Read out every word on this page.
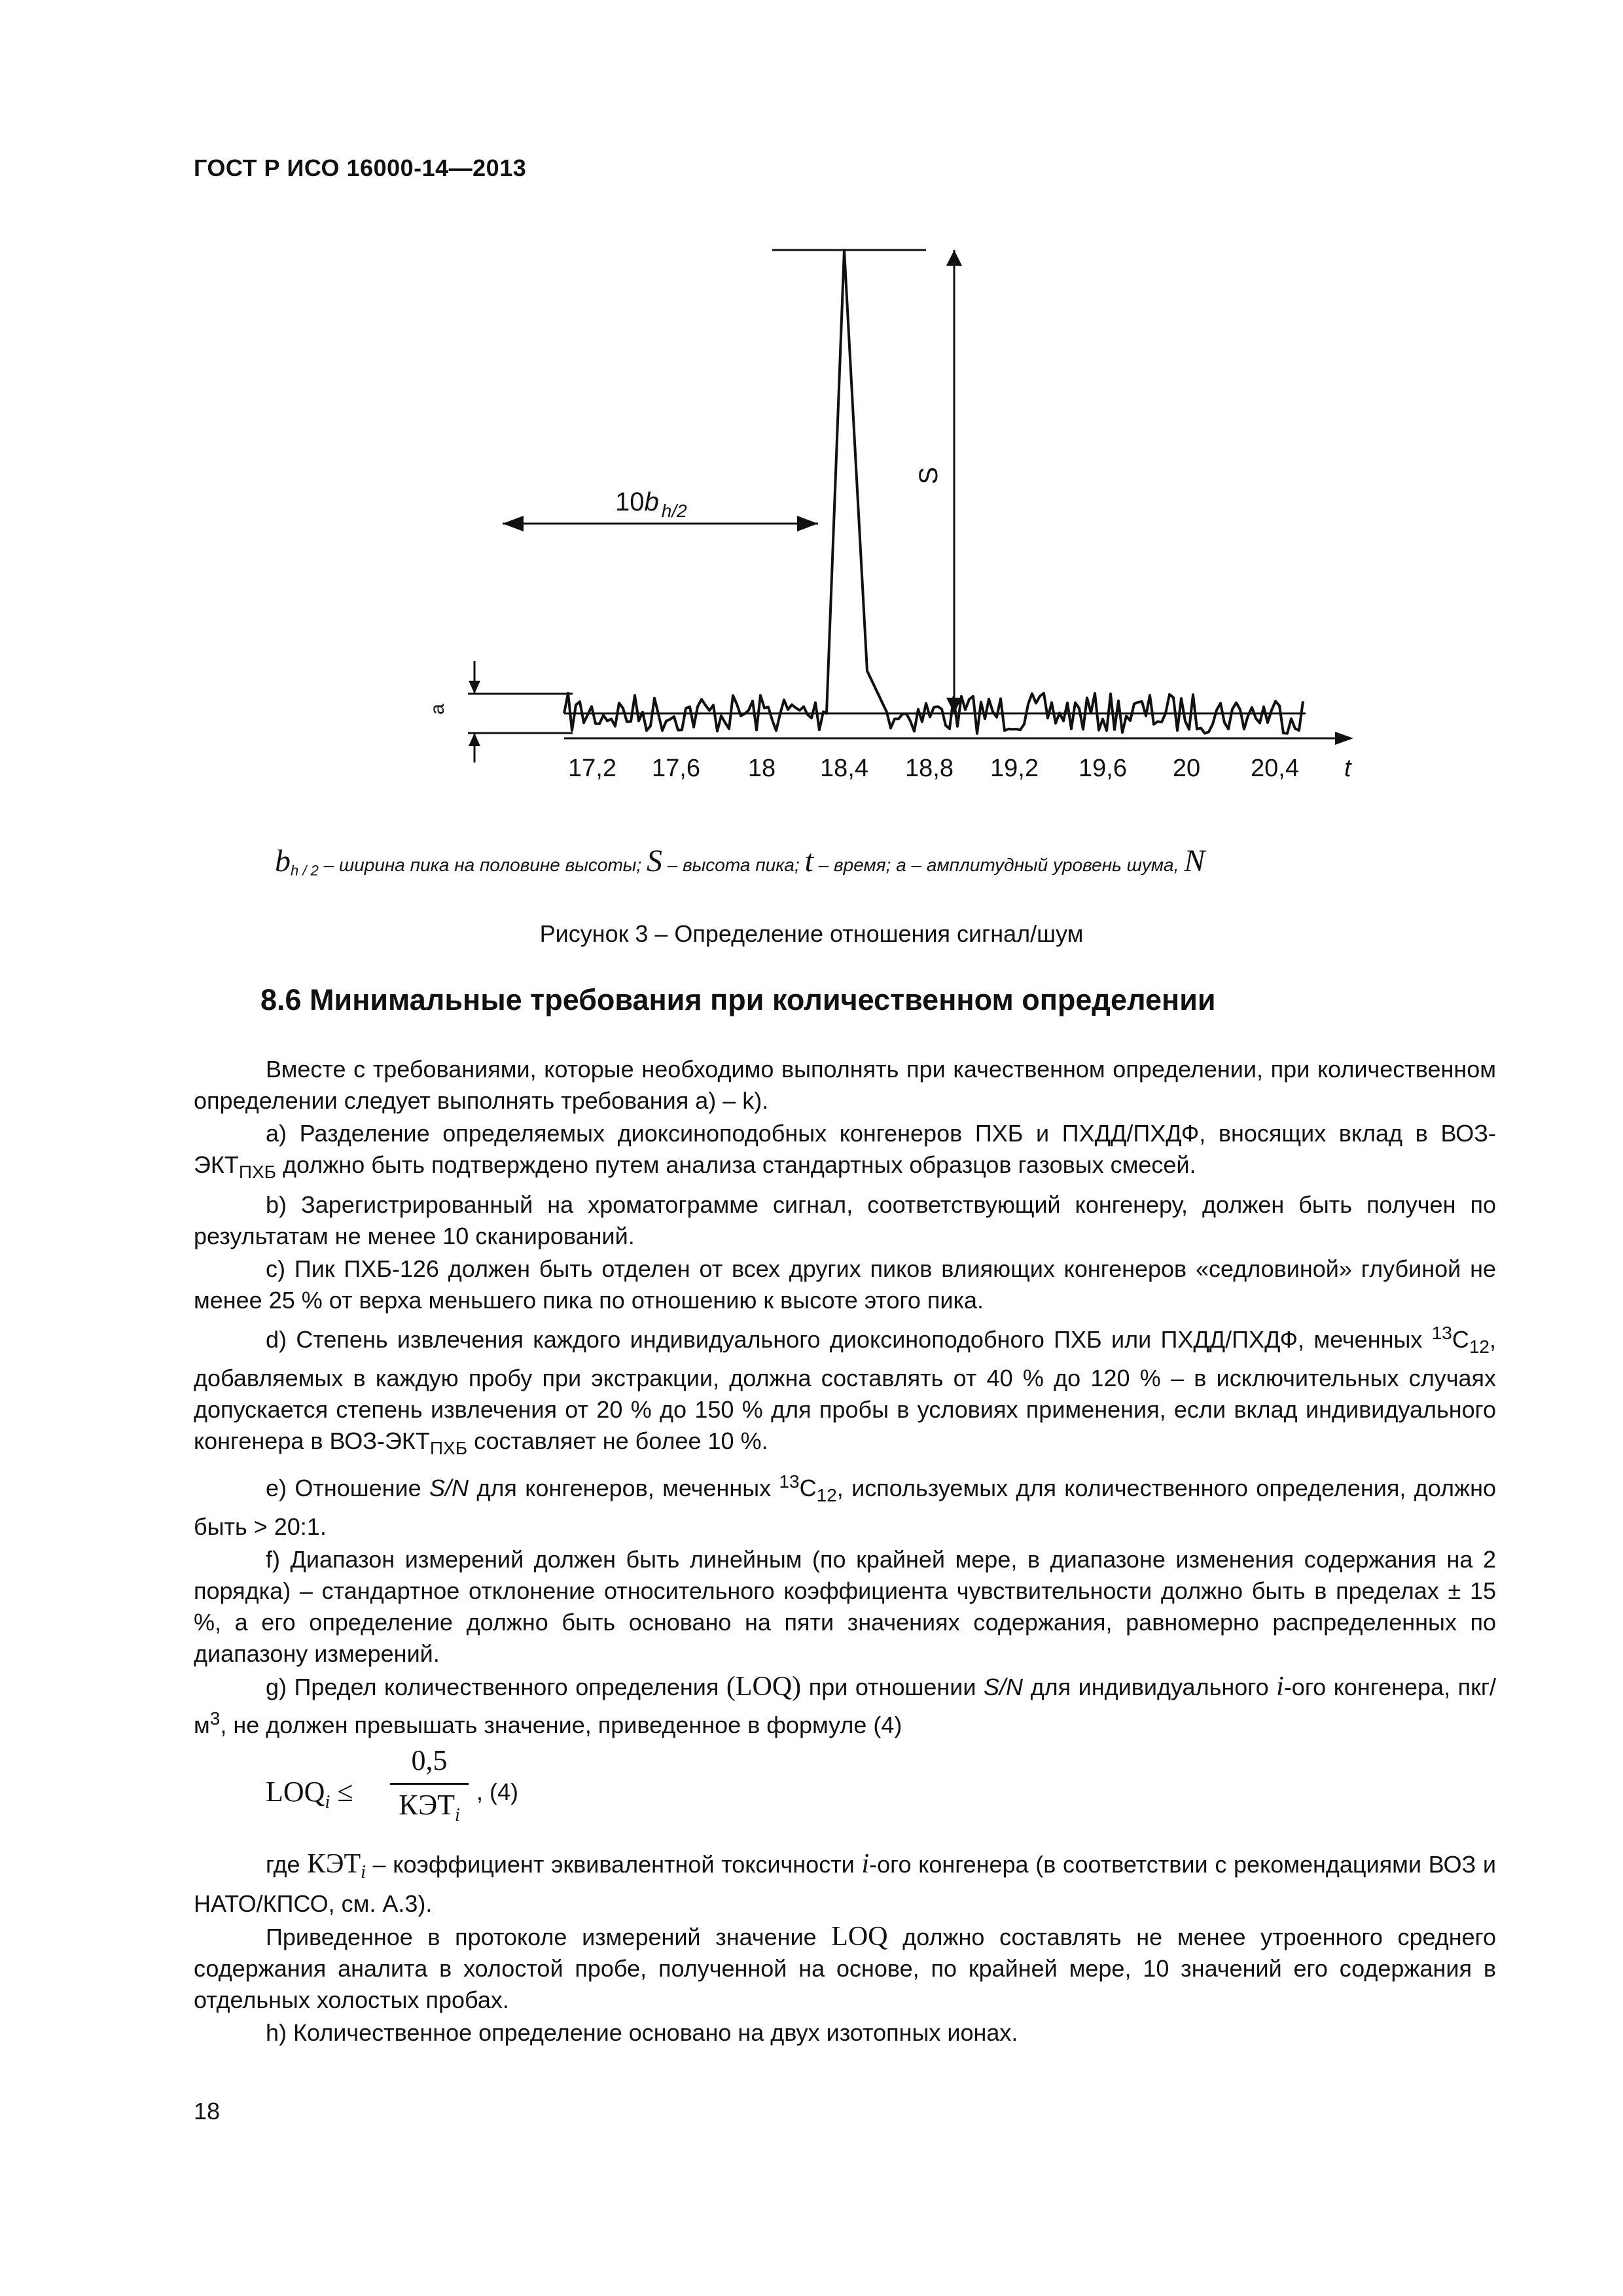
ГОСТ Р ИСО 16000-14—2013
10b $_{h/2}$
S
a
17,2 17,6 18 18,4 18,8 19,2 19,6 20 20,4 t
$b_{h / 2}$ – ширина пика на половине высоты; S – высота пика; t – время; a – амплитудный уровень шума, N
Рисунок 3 – Определение отношения сигнал/шум
8.6 Минимальные требования при количественном определении

Вместе с требованиями, которые необходимо выполнять при качественном определении, при количественном определении следует выполнять требования a) – k).

a) Разделение определяемых диоксиноподобных конгенеров ПХБ и ПХДД/ПХДФ, вносящих вклад в ВОЗ-$ЭКТ_{ПХБ}$ должно быть подтверждено путем анализа стандартных образцов газовых смесей.

b) Зарегистрированный на хроматограмме сигнал, соответствующий конгенеру, должен быть получен по результатам не менее 10 сканирований.

c) Пик ПХБ-126 должен быть отделен от всех других пиков влияющих конгенеров «седловиной» глубиной не менее 25 % от верха меньшего пика по отношению к высоте этого пика.

d) Степень извлечения каждого индивидуального диоксиноподобного ПХБ или ПХДД/ПХДФ, меченных $^{13}C_{12}$, добавляемых в каждую пробу при экстракции, должна составлять от 40 % до 120 % – в исключительных случаях допускается степень извлечения от 20 % до 150 % для пробы в условиях применения, если вклад индивидуального конгенера в ВОЗ-$ЭКТ_{ПХБ}$ составляет не более 10 %.

e) Отношение S/N для конгенеров, меченных $^{13}C_{12}$, используемых для количественного определения, должно быть > 20:1.

f) Диапазон измерений должен быть линейным (по крайней мере, в диапазоне изменения содержания на 2 порядка) – стандартное отклонение относительного коэффициента чувствительности должно быть в пределах ± 15 %, а его определение должно быть основано на пяти значениях содержания, равномерно распределенных по диапазону измерений.

g) Предел количественного определения (LOQ) при отношении S/N для индивидуального i-ого конгенера, пкг/$м^3$, не должен превышать значение, приведенное в формуле (4)

$LOQ_i$ ≤
0,5
$КЭТ_i$
, (4)

где $КЭТ_i$ – коэффициент эквивалентной токсичности i-ого конгенера (в соответствии с рекомендациями ВОЗ и НАТО/КПСО, см. А.3).

Приведенное в протоколе измерений значение LOQ должно составлять не менее утроенного среднего содержания аналита в холостой пробе, полученной на основе, по крайней мере, 10 значений его содержания в отдельных холостых пробах.

h) Количественное определение основано на двух изотопных ионах.

18
